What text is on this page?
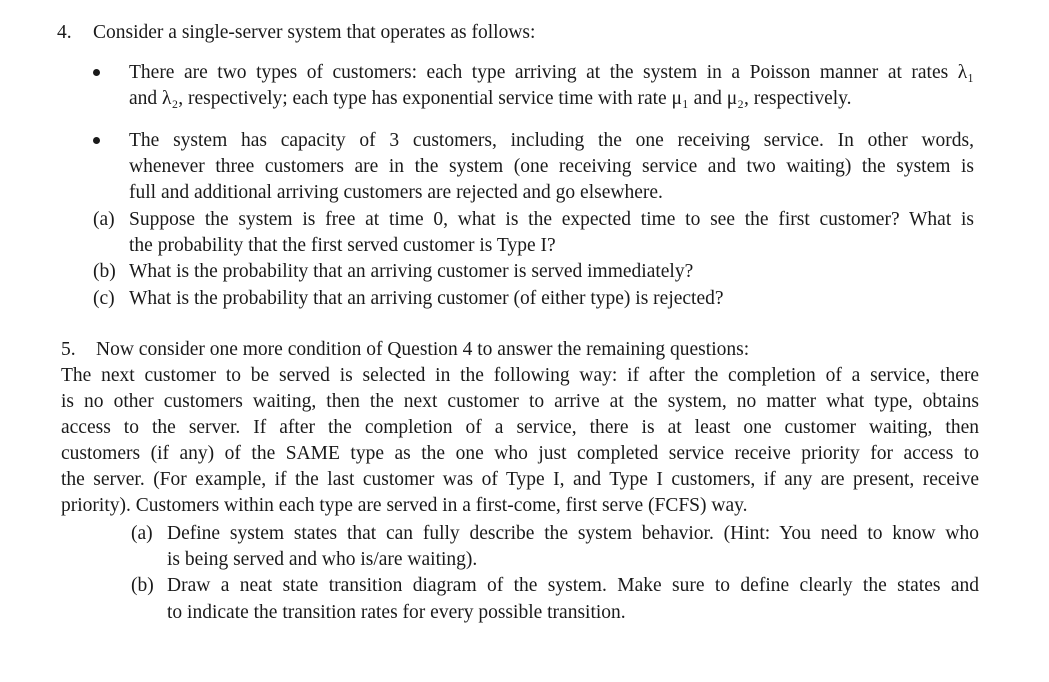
4. Consider a single-server system that operates as follows:
There are two types of customers: each type arriving at the system in a Poisson manner at rates λ₁
and λ₂, respectively; each type has exponential service time with rate μ₁ and μ₂, respectively.
The system has capacity of 3 customers, including the one receiving service. In other words,
whenever three customers are in the system (one receiving service and two waiting) the system is
full and additional arriving customers are rejected and go elsewhere.
(a) Suppose the system is free at time 0, what is the expected time to see the first customer? What is
the probability that the first served customer is Type I?
(b) What is the probability that an arriving customer is served immediately?
(c) What is the probability that an arriving customer (of either type) is rejected?
5. Now consider one more condition of Question 4 to answer the remaining questions:
The next customer to be served is selected in the following way: if after the completion of a service, there
is no other customers waiting, then the next customer to arrive at the system, no matter what type, obtains
access to the server. If after the completion of a service, there is at least one customer waiting, then
customers (if any) of the SAME type as the one who just completed service receive priority for access to
the server. (For example, if the last customer was of Type I, and Type I customers, if any are present, receive
priority). Customers within each type are served in a first-come, first serve (FCFS) way.
(a) Define system states that can fully describe the system behavior. (Hint: You need to know who
is being served and who is/are waiting).
(b) Draw a neat state transition diagram of the system. Make sure to define clearly the states and
to indicate the transition rates for every possible transition.
